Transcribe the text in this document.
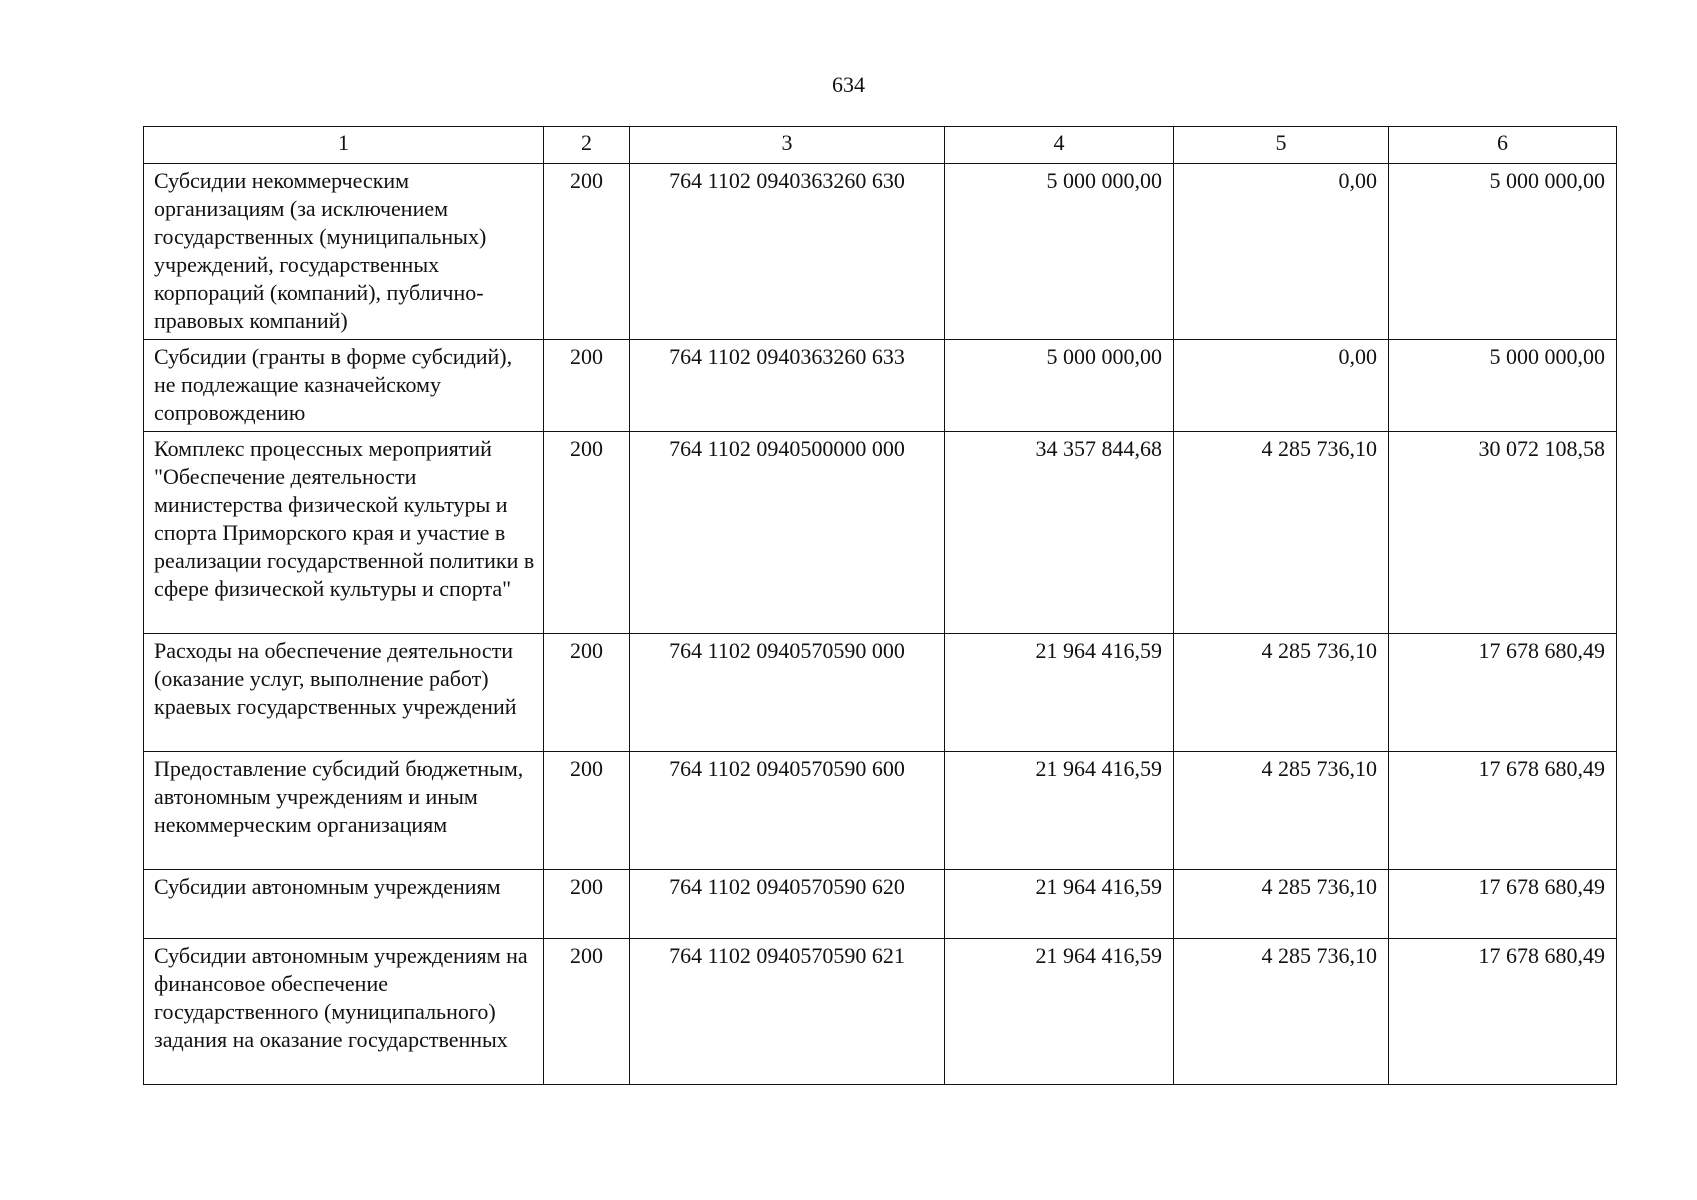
634
1	2	3	4	5	6
Субсидии некоммерческим организациям (за исключением государственных (муниципальных) учреждений, государственных корпораций (компаний), публично-правовых компаний)	200	764 1102 0940363260 630	5 000 000,00	0,00	5 000 000,00
Субсидии (гранты в форме субсидий), не подлежащие казначейскому сопровождению	200	764 1102 0940363260 633	5 000 000,00	0,00	5 000 000,00
Комплекс процессных мероприятий "Обеспечение деятельности министерства физической культуры и спорта Приморского края и участие в реализации государственной политики в сфере физической культуры и спорта"	200	764 1102 0940500000 000	34 357 844,68	4 285 736,10	30 072 108,58
Расходы на обеспечение деятельности (оказание услуг, выполнение работ) краевых государственных учреждений	200	764 1102 0940570590 000	21 964 416,59	4 285 736,10	17 678 680,49
Предоставление субсидий бюджетным, автономным учреждениям и иным некоммерческим организациям	200	764 1102 0940570590 600	21 964 416,59	4 285 736,10	17 678 680,49
Субсидии автономным учреждениям	200	764 1102 0940570590 620	21 964 416,59	4 285 736,10	17 678 680,49
Субсидии автономным учреждениям на финансовое обеспечение государственного (муниципального) задания на оказание государственных	200	764 1102 0940570590 621	21 964 416,59	4 285 736,10	17 678 680,49
